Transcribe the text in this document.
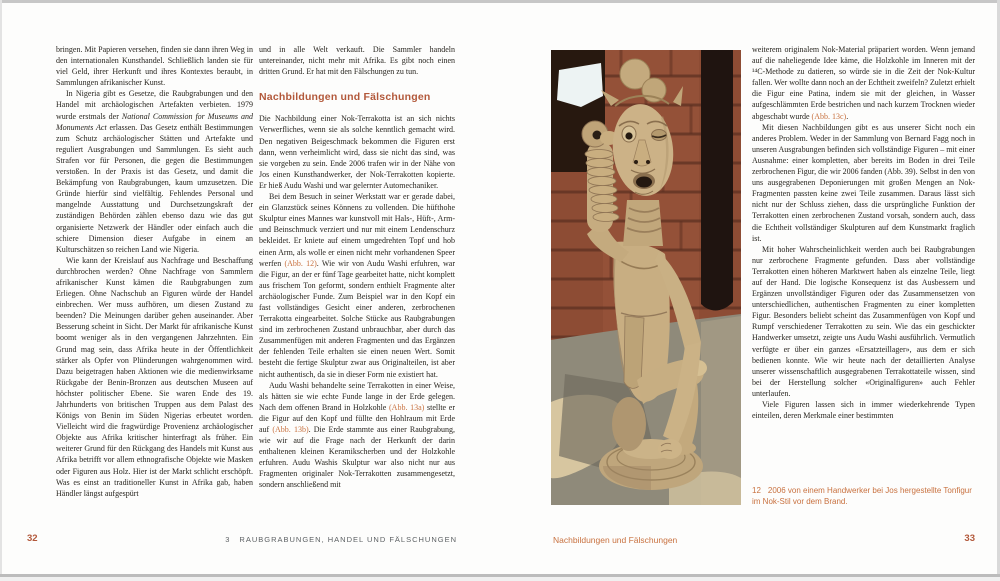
bringen. Mit Papieren versehen, finden sie dann ihren Weg in den internationalen Kunsthandel. Schließlich landen sie für viel Geld, ihrer Herkunft und ihres Kontextes beraubt, in Sammlungen afrikanischer Kunst.

In Nigeria gibt es Gesetze, die Raubgrabungen und den Handel mit archäologischen Artefakten verbieten. 1979 wurde erstmals der National Commission for Museums and Monuments Act erlassen. Das Gesetz enthält Bestimmungen zum Schutz archäologischer Stätten und Artefakte und reguliert Ausgrabungen und Sammlungen. Es sieht auch Strafen vor für Personen, die gegen die Bestimmungen verstoßen. In der Praxis ist das Gesetz, und damit die Bekämpfung von Raubgrabungen, kaum umzusetzen. Die Gründe hierfür sind vielfältig. Fehlendes Personal und mangelnde Ausstattung und Durchsetzungskraft der zuständigen Behörden zählen ebenso dazu wie das gut organisierte Netzwerk der Händler oder einfach auch die schiere Dimension dieser Aufgabe in einem an Kulturschätzen so reichen Land wie Nigeria.

Wie kann der Kreislauf aus Nachfrage und Beschaffung durchbrochen werden? Ohne Nachfrage von Sammlern afrikanischer Kunst kämen die Raubgrabungen zum Erliegen. Ohne Nachschub an Figuren würde der Handel einbrechen. Wer muss aufhören, um diesen Zustand zu beenden? Die Meinungen darüber gehen auseinander. Aber Besserung scheint in Sicht. Der Markt für afrikanische Kunst boomt weniger als in den vergangenen Jahrzehnten. Ein Grund mag sein, dass Afrika heute in der Öffentlichkeit stärker als Opfer von Plünderungen wahrgenommen wird. Dazu beigetragen haben Aktionen wie die medienwirksame Rückgabe der Benin-Bronzen aus deutschen Museen auf höchster politischer Ebene. Sie waren Ende des 19. Jahrhunderts von britischen Truppen aus dem Palast des Königs von Benin im Süden Nigerias erbeutet worden. Vielleicht wird die fragwürdige Provenienz archäologischer Objekte aus Afrika kritischer hinterfragt als früher. Ein weiterer Grund für den Rückgang des Handels mit Kunst aus Afrika betrifft vor allem ethnografische Objekte wie Masken oder Figuren aus Holz. Hier ist der Markt schlicht erschöpft. Was es einst an traditioneller Kunst in Afrika gab, haben Händler längst aufgespürt

und in alle Welt verkauft. Die Sammler handeln untereinander, nicht mehr mit Afrika. Es gibt noch einen dritten Grund. Er hat mit den Fälschungen zu tun.

Nachbildungen und Fälschungen

Die Nachbildung einer Nok-Terrakotta ist an sich nichts Verwerfliches, wenn sie als solche kenntlich gemacht wird. Den negativen Beigeschmack bekommen die Figuren erst dann, wenn verheimlicht wird, dass sie nicht das sind, was sie vorgeben zu sein. Ende 2006 trafen wir in der Nähe von Jos einen Kunsthandwerker, der Nok-Terrakotten kopierte. Er hieß Audu Washi und war gelernter Automechaniker.

Bei dem Besuch in seiner Werkstatt war er gerade dabei, ein Glanzstück seines Könnens zu vollenden. Die hüfthohe Skulptur eines Mannes war kunstvoll mit Hals-, Hüft-, Arm- und Beinschmuck verziert und nur mit einem Lendenschurz bekleidet. Er kniete auf einem umgedrehten Topf und hob einen Arm, als wolle er einen nicht mehr vorhandenen Speer werfen (Abb. 12). Wie wir von Audu Washi erfuhren, war die Figur, an der er fünf Tage gearbeitet hatte, nicht komplett aus frischem Ton geformt, sondern enthielt Fragmente alter archäologischer Funde. Zum Beispiel war in den Kopf ein fast vollständiges Gesicht einer anderen, zerbrochenen Terrakotta eingearbeitet. Solche Stücke aus Raubgrabungen sind im zerbrochenen Zustand unbrauchbar, aber durch das Zusammenfügen mit anderen Fragmenten und das Ergänzen der fehlenden Teile erhalten sie einen neuen Wert. Somit besteht die fertige Skulptur zwar aus Originalteilen, ist aber nicht authentisch, da sie in dieser Form nie existiert hat.

Audu Washi behandelte seine Terrakotten in einer Weise, als hätten sie wie echte Funde lange in der Erde gelegen. Nach dem offenen Brand in Holzkohle (Abb. 13a) stellte er die Figur auf den Kopf und füllte den Hohlraum mit Erde auf (Abb. 13b). Die Erde stammte aus einer Raubgrabung, wie wir auf die Frage nach der Herkunft der darin enthaltenen kleinen Keramikscherben und der Holzkohle erfuhren. Audu Washis Skulptur war also nicht nur aus Fragmenten originaler Nok-Terrakotten zusammengesetzt, sondern anschließend mit

32	3 RAUBGRABUNGEN, HANDEL UND FÄLSCHUNGEN

weiterem originalem Nok-Material präpariert worden. Wenn jemand auf die naheliegende Idee käme, die Holzkohle im Inneren mit der ¹⁴C-Methode zu datieren, so würde sie in die Zeit der Nok-Kultur fallen. Wer wollte dann noch an der Echtheit zweifeln? Zuletzt erhielt die Figur eine Patina, indem sie mit der gleichen, in Wasser aufgeschlämmten Erde bestrichen und nach kurzem Trocknen wieder abgeschabt wurde (Abb. 13c).

Mit diesen Nachbildungen gibt es aus unserer Sicht noch ein anderes Problem. Weder in der Sammlung von Bernard Fagg noch in unseren Ausgrabungen befinden sich vollständige Figuren – mit einer Ausnahme: einer kompletten, aber bereits im Boden in drei Teile zerbrochenen Figur, die wir 2006 fanden (Abb. 39). Selbst in den von uns ausgegrabenen Deponierungen mit großen Mengen an Nok-Fragmenten passten keine zwei Teile zusammen. Daraus lässt sich nicht nur der Schluss ziehen, dass die ursprüngliche Funktion der Terrakotten einen zerbrochenen Zustand vorsah, sondern auch, dass die Echtheit vollständiger Skulpturen auf dem Kunstmarkt fraglich ist.

Mit hoher Wahrscheinlichkeit werden auch bei Raubgrabungen nur zerbrochene Fragmente gefunden. Dass aber vollständige Terrakotten einen höheren Marktwert haben als einzelne Teile, liegt auf der Hand. Die logische Konsequenz ist das Ausbessern und Ergänzen unvollständiger Figuren oder das Zusammensetzen von unterschiedlichen, authentischen Fragmenten zu einer kompletten Figur. Besonders beliebt scheint das Zusammenfügen von Kopf und Rumpf verschiedener Terrakotten zu sein. Wie das ein geschickter Handwerker umsetzt, zeigte uns Audu Washi ausführlich. Vermutlich verfügte er über ein ganzes «Ersatzteillager», aus dem er sich bedienen konnte. Wie wir heute nach der detaillierten Analyse unserer wissenschaftlich ausgegrabenen Terrakottateile wissen, sind bei der Herstellung solcher «Originalfiguren» auch Fehler unterlaufen.

Viele Figuren lassen sich in immer wiederkehrende Typen einteilen, deren Merkmale einer bestimmten

12 2006 von einem Handwerker bei Jos hergestellte Tonfigur im Nok-Stil vor dem Brand.
Nachbildungen und Fälschungen	33
